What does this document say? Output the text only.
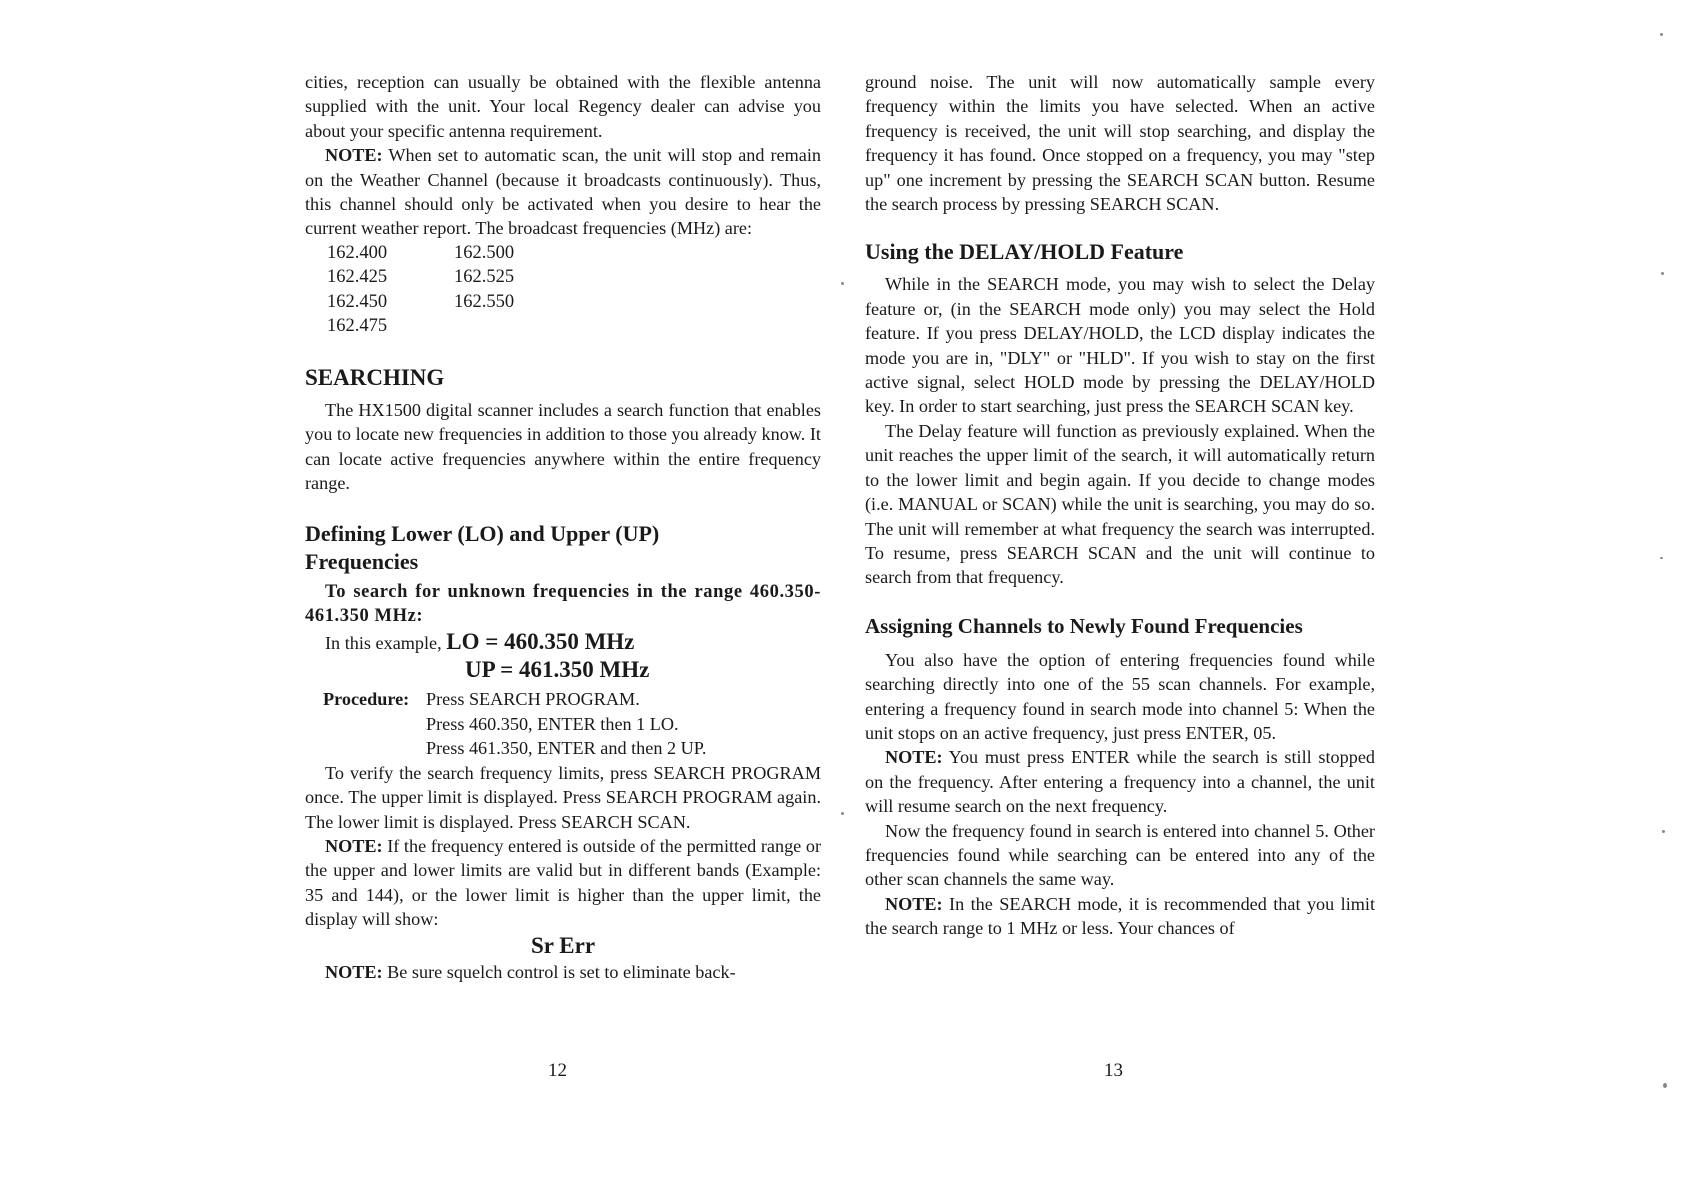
cities, reception can usually be obtained with the flexible antenna supplied with the unit. Your local Regency dealer can advise you about your specific antenna requirement.

NOTE: When set to automatic scan, the unit will stop and remain on the Weather Channel (because it broadcasts continuously). Thus, this channel should only be activated when you desire to hear the current weather report. The broadcast frequencies (MHz) are:

162.400	162.500
162.425	162.525
162.450	162.550
162.475
SEARCHING

The HX1500 digital scanner includes a search function that enables you to locate new frequencies in addition to those you already know. It can locate active frequencies anywhere within the entire frequency range.

Defining Lower (LO) and Upper (UP)
Frequencies

To search for unknown frequencies in the range 460.350-461.350 MHz:

In this example, LO = 460.350 MHz
UP = 461.350 MHz
Procedure: Press SEARCH PROGRAM.
Press 460.350, ENTER then 1 LO.
Press 461.350, ENTER and then 2 UP.

To verify the search frequency limits, press SEARCH PROGRAM once. The upper limit is displayed. Press SEARCH PROGRAM again. The lower limit is displayed. Press SEARCH SCAN.

NOTE: If the frequency entered is outside of the permitted range or the upper and lower limits are valid but in different bands (Example: 35 and 144), or the lower limit is higher than the upper limit, the display will show:

Sr Err

NOTE: Be sure squelch control is set to eliminate back-

ground noise. The unit will now automatically sample every frequency within the limits you have selected. When an active frequency is received, the unit will stop searching, and display the frequency it has found. Once stopped on a frequency, you may "step up" one increment by pressing the SEARCH SCAN button. Resume the search process by pressing SEARCH SCAN.

Using the DELAY/HOLD Feature

While in the SEARCH mode, you may wish to select the Delay feature or, (in the SEARCH mode only) you may select the Hold feature. If you press DELAY/HOLD, the LCD display indicates the mode you are in, "DLY" or "HLD". If you wish to stay on the first active signal, select HOLD mode by pressing the DELAY/HOLD key. In order to start searching, just press the SEARCH SCAN key.

The Delay feature will function as previously explained. When the unit reaches the upper limit of the search, it will automatically return to the lower limit and begin again. If you decide to change modes (i.e. MANUAL or SCAN) while the unit is searching, you may do so. The unit will remember at what frequency the search was interrupted. To resume, press SEARCH SCAN and the unit will continue to search from that frequency.

Assigning Channels to Newly Found Frequencies

You also have the option of entering frequencies found while searching directly into one of the 55 scan channels. For example, entering a frequency found in search mode into channel 5: When the unit stops on an active frequency, just press ENTER, 05.

NOTE: You must press ENTER while the search is still stopped on the frequency. After entering a frequency into a channel, the unit will resume search on the next frequency.

Now the frequency found in search is entered into channel 5. Other frequencies found while searching can be entered into any of the other scan channels the same way.

NOTE: In the SEARCH mode, it is recommended that you limit the search range to 1 MHz or less. Your chances of

12	13
